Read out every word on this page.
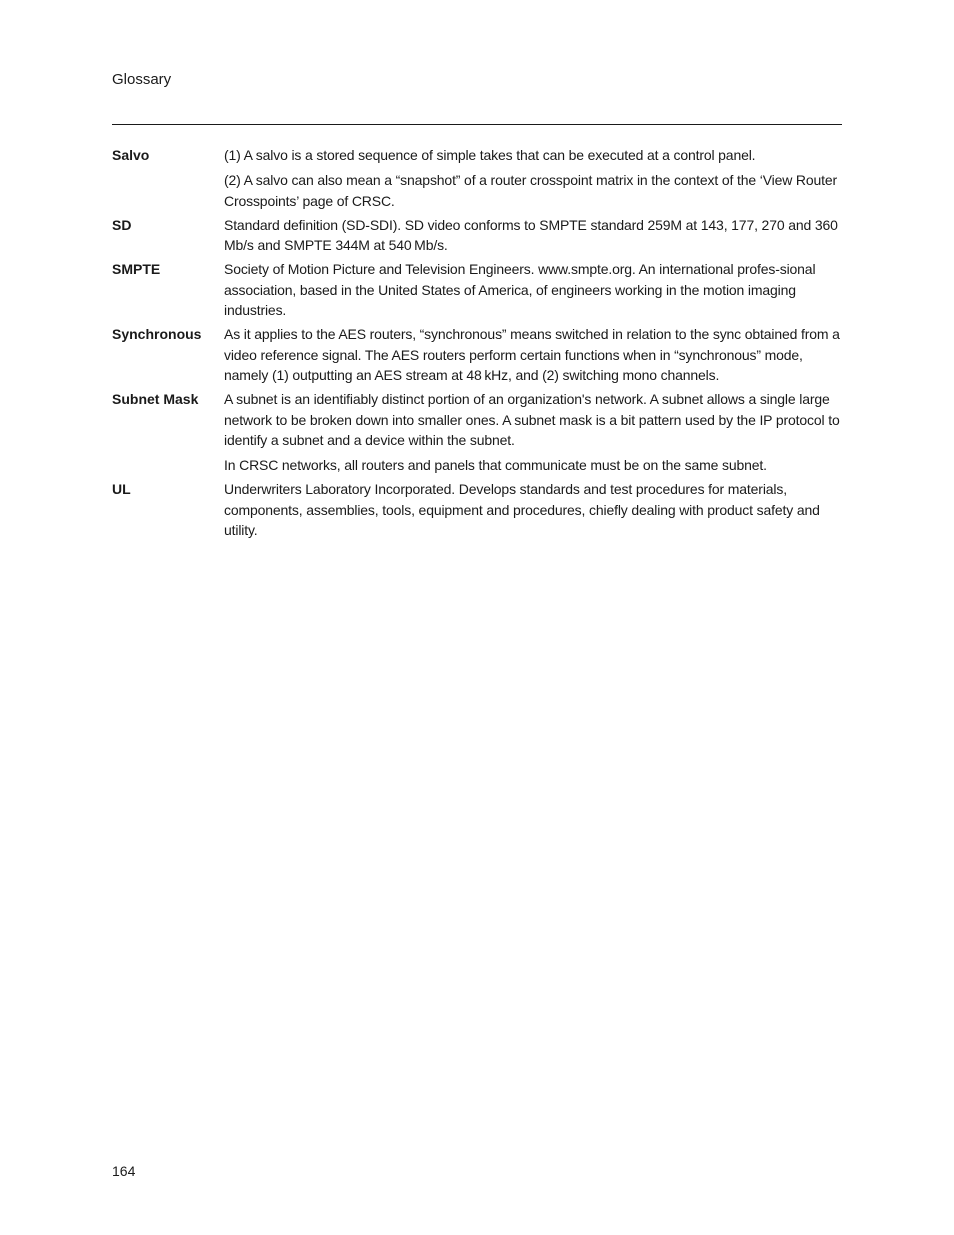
Glossary
Salvo	(1) A salvo is a stored sequence of simple takes that can be executed at a control panel.

(2) A salvo can also mean a “snapshot” of a router crosspoint matrix in the context of the ‘View Router Crosspoints’ page of CRSC.

SD	Standard definition (SD-SDI). SD video conforms to SMPTE standard 259M at 143, 177, 270 and 360 Mb/s and SMPTE 344M at 540 Mb/s.

SMPTE	Society of Motion Picture and Television Engineers. www.smpte.org. An international profes-sional association, based in the United States of America, of engineers working in the motion imaging industries.

Synchronous	As it applies to the AES routers, “synchronous” means switched in relation to the sync obtained from a video reference signal. The AES routers perform certain functions when in “synchronous” mode, namely (1) outputting an AES stream at 48 kHz, and (2) switching mono channels.

Subnet Mask	A subnet is an identifiably distinct portion of an organization's network. A subnet allows a single large network to be broken down into smaller ones. A subnet mask is a bit pattern used by the IP protocol to identify a subnet and a device within the subnet.

In CRSC networks, all routers and panels that communicate must be on the same subnet.

UL	Underwriters Laboratory Incorporated. Develops standards and test procedures for materials, components, assemblies, tools, equipment and procedures, chiefly dealing with product safety and utility.

164
